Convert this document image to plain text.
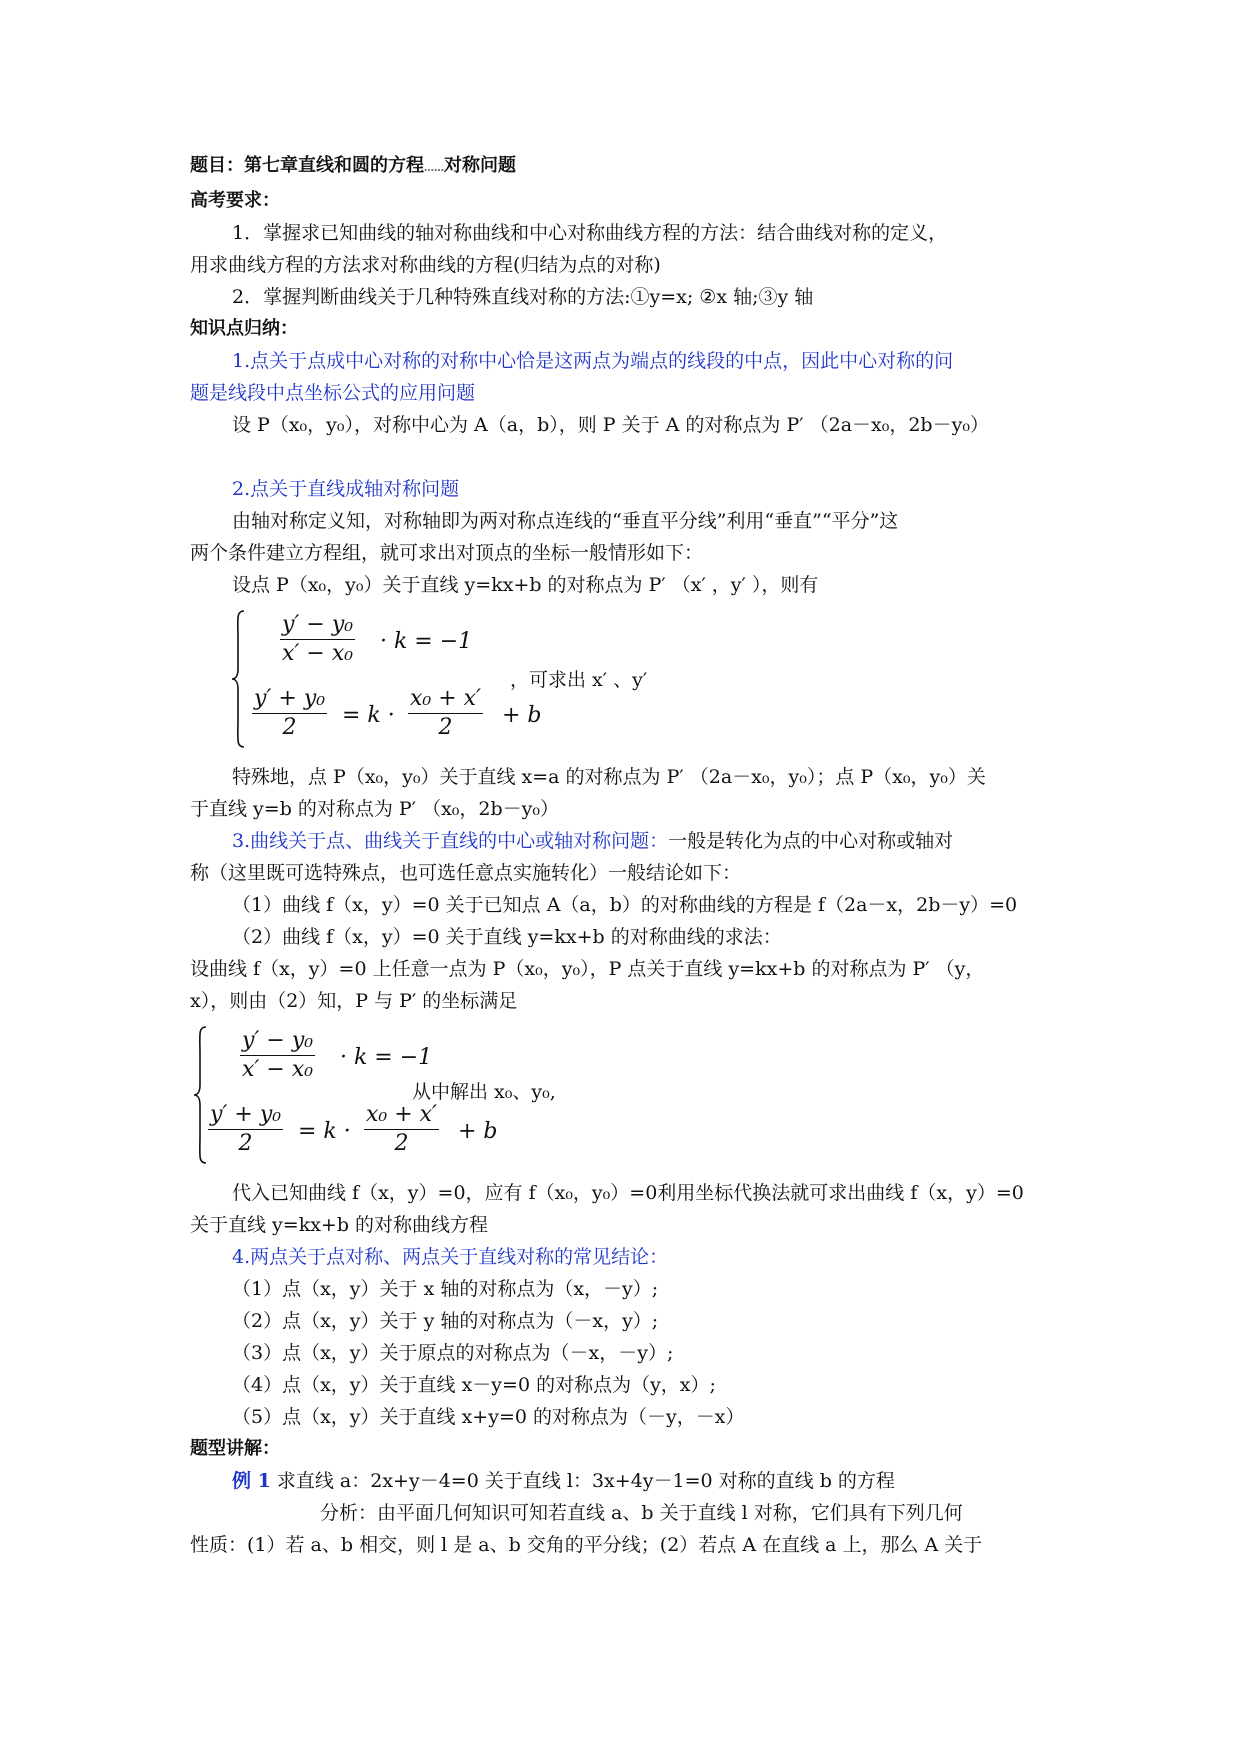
题目：第七章直线和圆的方程……对称问题
高考要求：
1．掌握求已知曲线的轴对称曲线和中心对称曲线方程的方法：结合曲线对称的定义，
用求曲线方程的方法求对称曲线的方程(归结为点的对称)
2．掌握判断曲线关于几种特殊直线对称的方法:①y=x; ②x 轴;③y 轴
知识点归纳：
1.点关于点成中心对称的对称中心恰是这两点为端点的线段的中点，因此中心对称的问
题是线段中点坐标公式的应用问题
设 P（x₀，y₀），对称中心为 A（a，b），则 P 关于 A 的对称点为 P′ （2a－x₀，2b－y₀）

2.点关于直线成轴对称问题
由轴对称定义知，对称轴即为两对称点连线的“垂直平分线”利用“垂直”“平分”这
两个条件建立方程组，就可求出对顶点的坐标一般情形如下：
设点 P（x₀，y₀）关于直线 y=kx+b 的对称点为 P′ （x′ ，y′ ），则有
$\frac{\text{y′ − y₀}}{\text{x′ − x₀}} \cdot k = -1$
$\frac{\text{y′ + y₀}}{2} = k \cdot \frac{\text{x₀ + x′}}{2} + b$
，可求出 x′ 、y′
特殊地，点 P（x₀，y₀）关于直线 x=a 的对称点为 P′ （2a－x₀，y₀）；点 P（x₀，y₀）关
于直线 y=b 的对称点为 P′ （x₀，2b－y₀）
3.曲线关于点、曲线关于直线的中心或轴对称问题：一般是转化为点的中心对称或轴对
称（这里既可选特殊点，也可选任意点实施转化）一般结论如下：
（1）曲线 f（x，y）=0 关于已知点 A（a，b）的对称曲线的方程是 f（2a－x，2b－y）=0
（2）曲线 f（x，y）=0 关于直线 y=kx+b 的对称曲线的求法：
设曲线 f（x，y）=0 上任意一点为 P（x₀，y₀），P 点关于直线 y=kx+b 的对称点为 P′ （y，
x），则由（2）知，P 与 P′ 的坐标满足
$\frac{\text{y′ − y₀}}{\text{x′ − x₀}} \cdot k = -1$
$\frac{\text{y′ + y₀}}{2} = k \cdot \frac{\text{x₀ + x′}}{2} + b$
从中解出 x₀、y₀,
代入已知曲线 f（x，y）=0，应有 f（x₀，y₀）=0利用坐标代换法就可求出曲线 f（x，y）=0
关于直线 y=kx+b 的对称曲线方程
4.两点关于点对称、两点关于直线对称的常见结论：
（1）点（x，y）关于 x 轴的对称点为（x，－y）;
（2）点（x，y）关于 y 轴的对称点为（－x，y）;
（3）点（x，y）关于原点的对称点为（－x，－y）;
（4）点（x，y）关于直线 x－y=0 的对称点为（y，x）;
（5）点（x，y）关于直线 x+y=0 的对称点为（－y，－x）
题型讲解：
例 1 求直线 a：2x+y－4=0 关于直线 l：3x+4y－1=0 对称的直线 b 的方程
分析：由平面几何知识可知若直线 a、b 关于直线 l 对称，它们具有下列几何
性质：(1）若 a、b 相交，则 l 是 a、b 交角的平分线；(2）若点 A 在直线 a 上，那么 A 关于
